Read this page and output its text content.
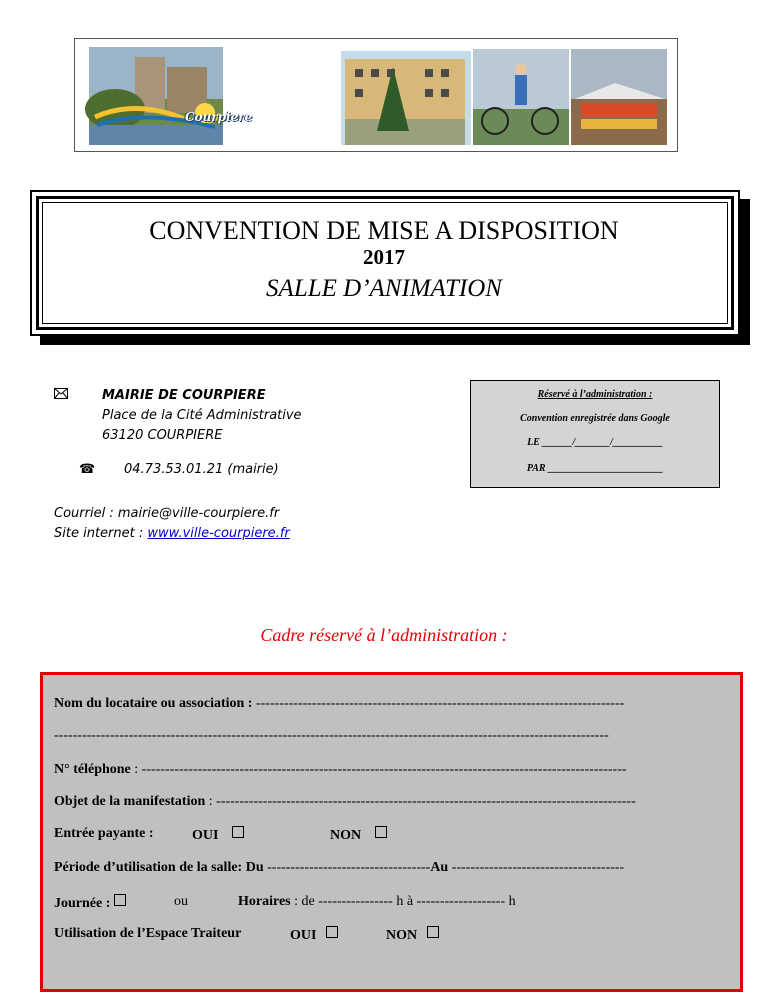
Courpiere
CONVENTION DE MISE A DISPOSITION
2017
SALLE D’ANIMATION
MAIRIE DE COURPIERE
Place de la Cité Administrative
63120 COURPIERE
☎ 04.73.53.01.21 (mairie)
Courriel : mairie@ville-courpiere.fr
Site internet : www.ville-courpiere.fr
Réservé à l’administration :
Convention enregistrée dans Google
LE ______/_______/__________
PAR _______________________
Cadre réservé à l’administration :
Nom du locataire ou association : -------------------------------------------------------------------------------
-----------------------------------------------------------------------------------------------------------------------
N° téléphone : --------------------------------------------------------------------------------------------------------
Objet de la manifestation : ------------------------------------------------------------------------------------------
Entrée payante :	OUI	NON
Période d’utilisation de la salle: Du -----------------------------------Au -------------------------------------
Journée :	ou	Horaires : de ---------------- h à ------------------- h
Utilisation de l’Espace Traiteur	OUI	NON
